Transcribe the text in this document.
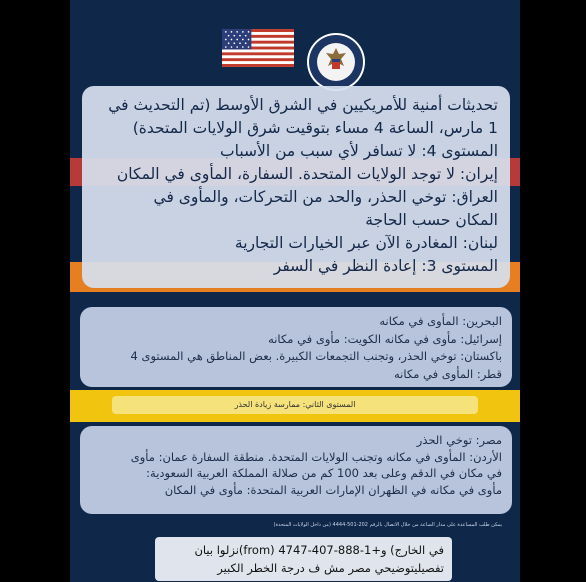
تحديثات أمنية للأمريكيين في الشرق الأوسط (تم التحديث في 1 مارس، الساعة 4 مساء بتوقيت شرق الولايات المتحدة)
المستوى 4: لا تسافر لأي سبب من الأسباب
إيران: لا توجد الولايات المتحدة. السفارة، المأوى في المكان
العراق: توخي الحذر، والحد من التحركات، والمأوى في
المكان حسب الحاجة
لبنان: المغادرة الآن عبر الخيارات التجارية
المستوى 3: إعادة النظر في السفر
البحرين: المأوى في مكانه
إسرائيل: مأوى في مكانه الكويت: مأوى في مكانه
باكستان: توخي الحذر، وتجنب التجمعات الكبيرة. بعض المناطق هي المستوى 4
قطر: المأوى في مكانه
المستوى الثاني: ممارسة زيادة الحذر
مصر: توخي الحذر
الأردن: المأوى في مكانه وتجنب الولايات المتحدة. منطقة السفارة عمان: مأوى
في مكان في الدقم وعلى بعد 100 كم من صلالة المملكة العربية السعودية:
مأوى في مكانه في الظهران الإمارات العربية المتحدة: مأوى في المكان
يمكن طلب المساعدة على مدار الساعة من خلال الاتصال بالرقم 202-501-4444 (من داخل الولايات المتحدة)
في الخارج) و+1-888-407-4747 (from)نزلوا بيان
تفصيليتوضيحي مصر مش ف درجة الخطر الكبير
